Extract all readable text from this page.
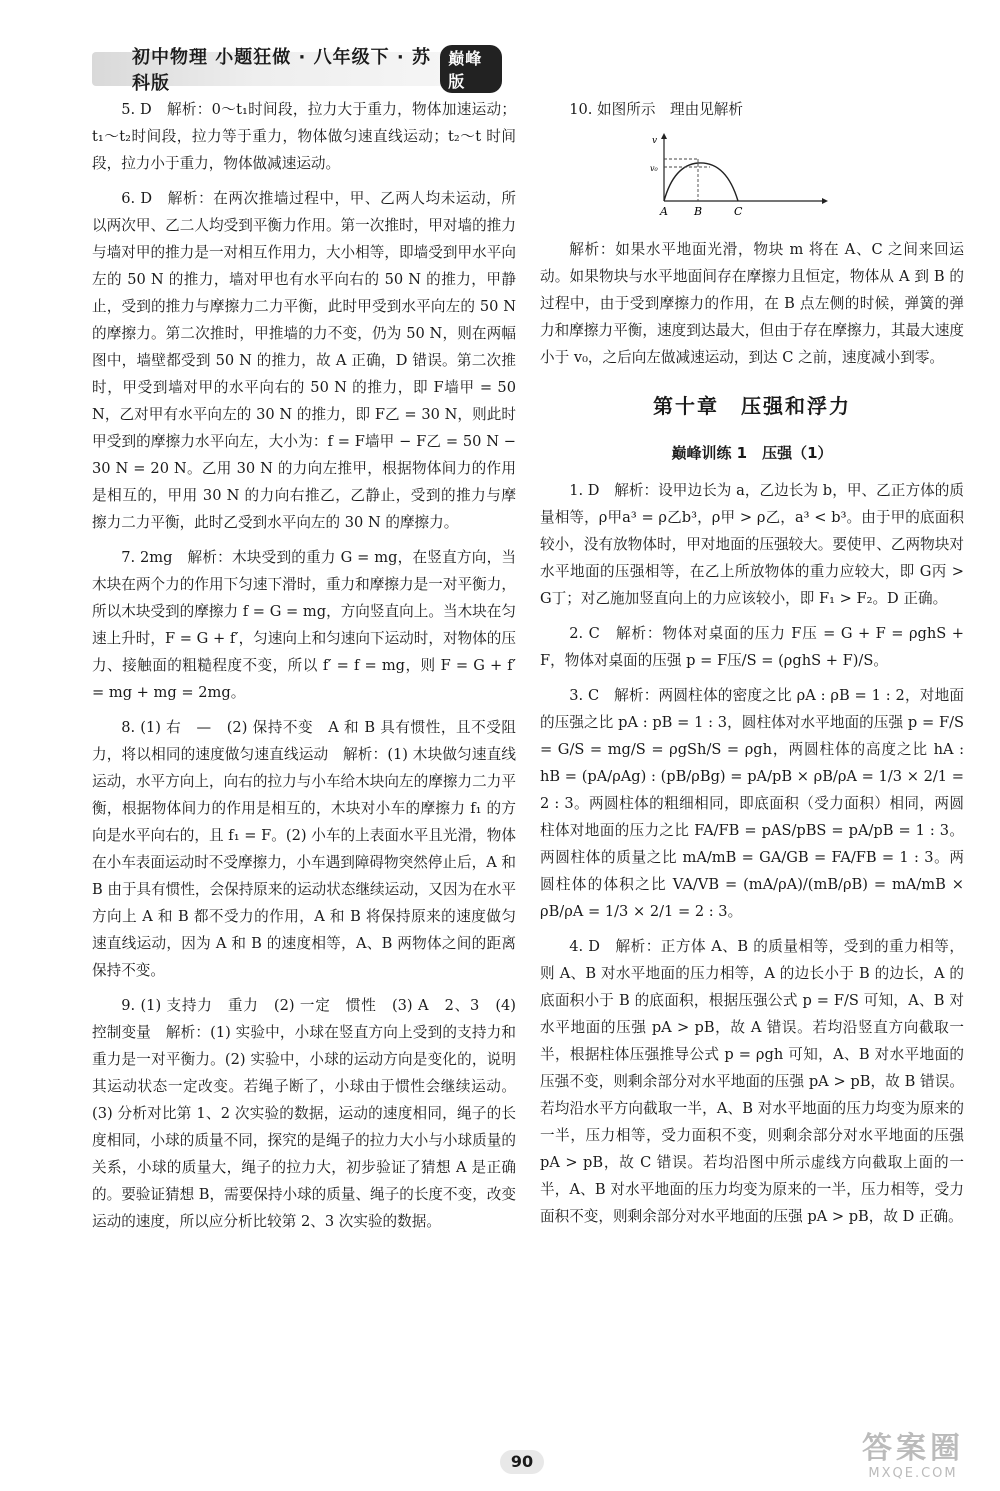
初中物理 小题狂做 · 八年级下 · 苏科版
巅峰版

5. D　解析：0～t₁时间段，拉力大于重力，物体加速运动；t₁～t₂时间段，拉力等于重力，物体做匀速直线运动；t₂～t 时间段，拉力小于重力，物体做减速运动。

6. D　解析：在两次推墙过程中，甲、乙两人均未运动，所以两次甲、乙二人均受到平衡力作用。第一次推时，甲对墙的推力与墙对甲的推力是一对相互作用力，大小相等，即墙受到甲水平向左的 50 N 的推力，墙对甲也有水平向右的 50 N 的推力，甲静止，受到的推力与摩擦力二力平衡，此时甲受到水平向左的 50 N 的摩擦力。第二次推时，甲推墙的力不变，仍为 50 N，则在两幅图中，墙壁都受到 50 N 的推力，故 A 正确，D 错误。第二次推时，甲受到墙对甲的水平向右的 50 N 的推力，即 F墙甲 = 50 N，乙对甲有水平向左的 30 N 的推力，即 F乙 = 30 N，则此时甲受到的摩擦力水平向左，大小为：f = F墙甲 − F乙 = 50 N − 30 N = 20 N。乙用 30 N 的力向左推甲，根据物体间力的作用是相互的，甲用 30 N 的力向右推乙，乙静止，受到的推力与摩擦力二力平衡，此时乙受到水平向左的 30 N 的摩擦力。

7. 2mg　解析：木块受到的重力 G = mg，在竖直方向，当木块在两个力的作用下匀速下滑时，重力和摩擦力是一对平衡力，所以木块受到的摩擦力 f = G = mg，方向竖直向上。当木块在匀速上升时，F = G + f′，匀速向上和匀速向下运动时，对物体的压力、接触面的粗糙程度不变，所以 f′ = f = mg，则 F = G + f′ = mg + mg = 2mg。

8. (1) 右　—　(2) 保持不变　A 和 B 具有惯性，且不受阻力，将以相同的速度做匀速直线运动　解析：(1) 木块做匀速直线运动，水平方向上，向右的拉力与小车给木块向左的摩擦力二力平衡，根据物体间力的作用是相互的，木块对小车的摩擦力 f₁ 的方向是水平向右的，且 f₁ = F。(2) 小车的上表面水平且光滑，物体在小车表面运动时不受摩擦力，小车遇到障碍物突然停止后，A 和 B 由于具有惯性，会保持原来的运动状态继续运动，又因为在水平方向上 A 和 B 都不受力的作用，A 和 B 将保持原来的速度做匀速直线运动，因为 A 和 B 的速度相等，A、B 两物体之间的距离保持不变。

9. (1) 支持力　重力　(2) 一定　惯性　(3) A　2、3　(4) 控制变量　解析：(1) 实验中，小球在竖直方向上受到的支持力和重力是一对平衡力。(2) 实验中，小球的运动方向是变化的，说明其运动状态一定改变。若绳子断了，小球由于惯性会继续运动。(3) 分析对比第 1、2 次实验的数据，运动的速度相同，绳子的长度相同，小球的质量不同，探究的是绳子的拉力大小与小球质量的关系，小球的质量大，绳子的拉力大，初步验证了猜想 A 是正确的。要验证猜想 B，需要保持小球的质量、绳子的长度不变，改变运动的速度，所以应分析比较第 2、3 次实验的数据。

10. 如图所示　理由见解析

v
v₀
A B	C

解析：如果水平地面光滑，物块 m 将在 A、C 之间来回运动。如果物块与水平地面间存在摩擦力且恒定，物体从 A 到 B 的过程中，由于受到摩擦力的作用，在 B 点左侧的时候，弹簧的弹力和摩擦力平衡，速度到达最大，但由于存在摩擦力，其最大速度小于 v₀，之后向左做减速运动，到达 C 之前，速度减小到零。

第十章　压强和浮力
巅峰训练 1　压强（1）

1. D　解析：设甲边长为 a，乙边长为 b，甲、乙正方体的质量相等，ρ甲a³ = ρ乙b³，ρ甲 > ρ乙，a³ < b³。由于甲的底面积较小，没有放物体时，甲对地面的压强较大。要使甲、乙两物块对水平地面的压强相等，在乙上所放物体的重力应较大，即 G丙 > G丁；对乙施加竖直向上的力应该较小，即 F₁ > F₂。D 正确。

2. C　解析：物体对桌面的压力 F压 = G + F = ρghS + F，物体对桌面的压强 p = F压/S = (ρghS + F)/S。

3. C　解析：两圆柱体的密度之比 ρA : ρB = 1 : 2，对地面的压强之比 pA : pB = 1 : 3，圆柱体对水平地面的压强 p = F/S = G/S = mg/S = ρgSh/S = ρgh，两圆柱体的高度之比 hA : hB = (pA/ρAg) : (pB/ρBg) = pA/pB × ρB/ρA = 1/3 × 2/1 = 2 : 3。两圆柱体的粗细相同，即底面积（受力面积）相同，两圆柱体对地面的压力之比 FA/FB = pAS/pBS = pA/pB = 1 : 3。两圆柱体的质量之比 mA/mB = GA/GB = FA/FB = 1 : 3。两圆柱体的体积之比 VA/VB = (mA/ρA)/(mB/ρB) = mA/mB × ρB/ρA = 1/3 × 2/1 = 2 : 3。

4. D　解析：正方体 A、B 的质量相等，受到的重力相等，则 A、B 对水平地面的压力相等，A 的边长小于 B 的边长，A 的底面积小于 B 的底面积，根据压强公式 p = F/S 可知，A、B 对水平地面的压强 pA > pB，故 A 错误。若均沿竖直方向截取一半，根据柱体压强推导公式 p = ρgh 可知，A、B 对水平地面的压强不变，则剩余部分对水平地面的压强 pA > pB，故 B 错误。若均沿水平方向截取一半，A、B 对水平地面的压力均变为原来的一半，压力相等，受力面积不变，则剩余部分对水平地面的压强 pA > pB，故 C 错误。若均沿图中所示虚线方向截取上面的一半，A、B 对水平地面的压力均变为原来的一半，压力相等，受力面积不变，则剩余部分对水平地面的压强 pA > pB，故 D 正确。

90	答案圈
MXQE.COM
